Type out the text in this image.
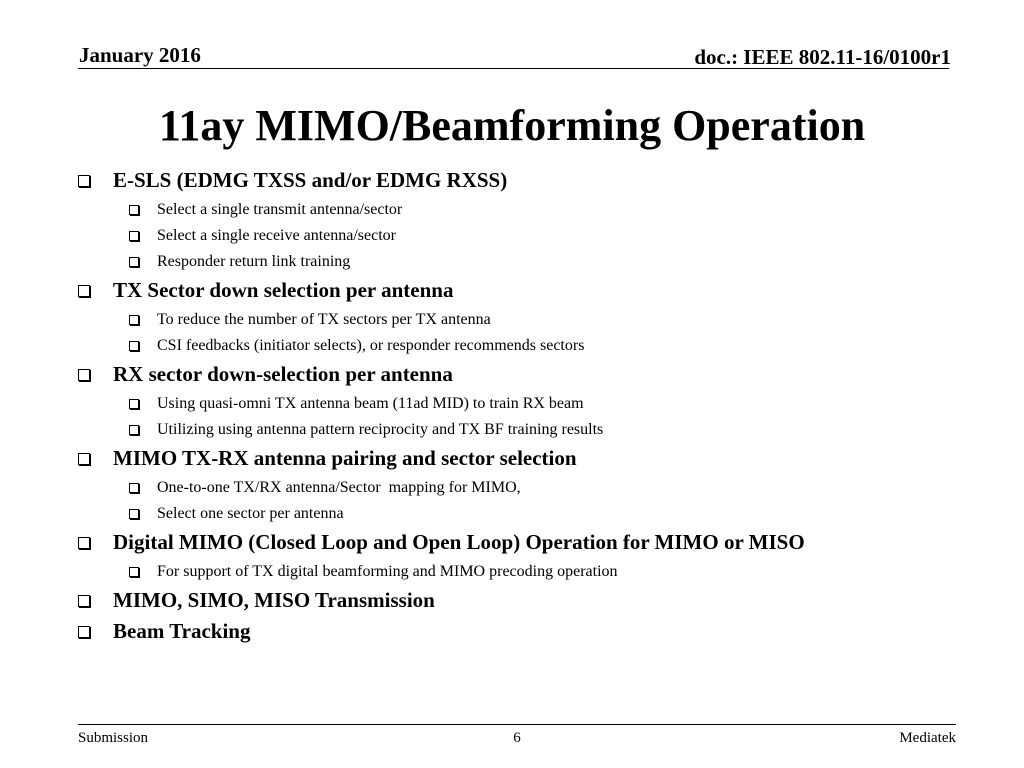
January 2016	doc.: IEEE 802.11-16/0100r1
11ay MIMO/Beamforming Operation
E-SLS (EDMG TXSS and/or EDMG RXSS)
Select a single transmit antenna/sector
Select a single receive antenna/sector
Responder return link training
TX Sector down selection per antenna
To reduce the number of TX sectors per TX antenna
CSI feedbacks (initiator selects), or responder recommends sectors
RX sector down-selection per antenna
Using quasi-omni TX antenna beam (11ad MID) to train RX beam
Utilizing using antenna pattern reciprocity and TX BF training results
MIMO TX-RX antenna pairing and sector selection
One-to-one TX/RX antenna/Sector  mapping for MIMO,
Select one sector per antenna
Digital MIMO (Closed Loop and Open Loop) Operation for MIMO or MISO
For support of TX digital beamforming and MIMO precoding operation
MIMO, SIMO, MISO Transmission
Beam Tracking
Submission	6	Mediatek
